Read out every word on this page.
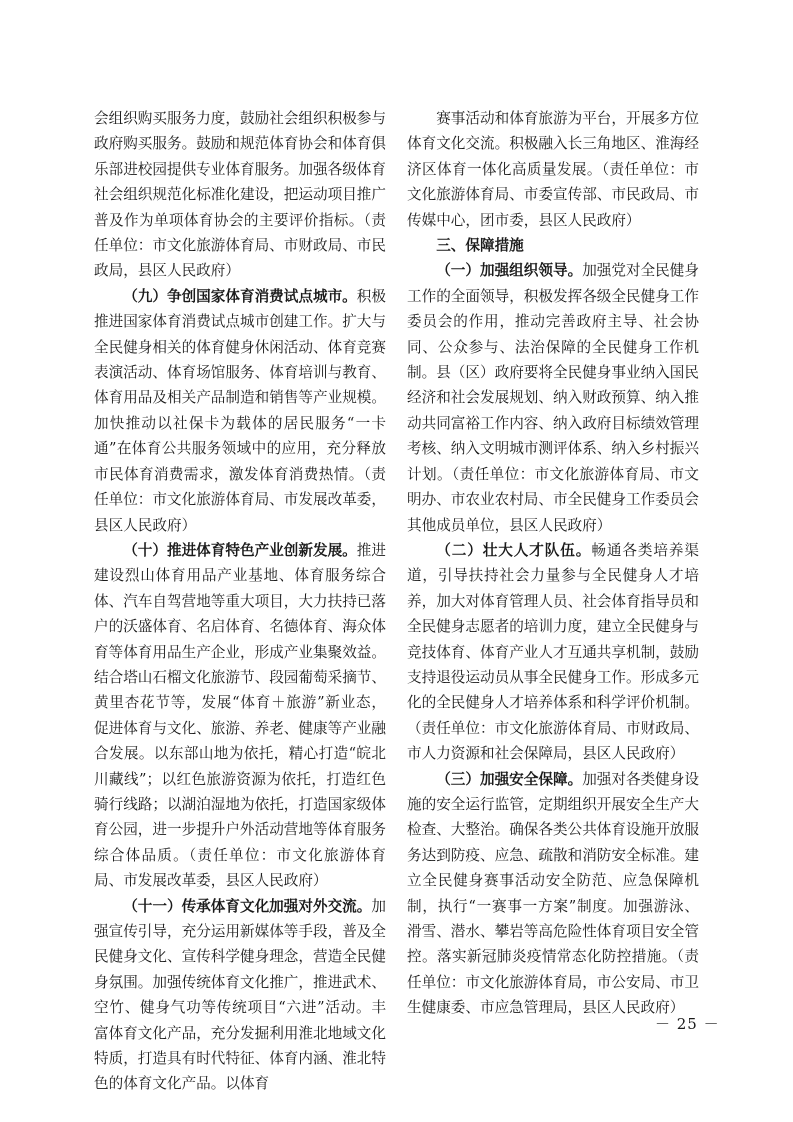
会组织购买服务力度，鼓励社会组织积极参与政府购买服务。鼓励和规范体育协会和体育俱乐部进校园提供专业体育服务。加强各级体育社会组织规范化标准化建设，把运动项目推广普及作为单项体育协会的主要评价指标。（责任单位：市文化旅游体育局、市财政局、市民政局，县区人民政府）

（九）争创国家体育消费试点城市。积极推进国家体育消费试点城市创建工作。扩大与全民健身相关的体育健身休闲活动、体育竞赛表演活动、体育场馆服务、体育培训与教育、体育用品及相关产品制造和销售等产业规模。加快推动以社保卡为载体的居民服务“一卡通”在体育公共服务领域中的应用，充分释放市民体育消费需求，激发体育消费热情。（责任单位：市文化旅游体育局、市发展改革委，县区人民政府）

（十）推进体育特色产业创新发展。推进建设烈山体育用品产业基地、体育服务综合体、汽车自驾营地等重大项目，大力扶持已落户的沃盛体育、名启体育、名德体育、海众体育等体育用品生产企业，形成产业集聚效益。结合塔山石榴文化旅游节、段园葡萄采摘节、黄里杏花节等，发展“体育＋旅游”新业态，促进体育与文化、旅游、养老、健康等产业融合发展。以东部山地为依托，精心打造“皖北川藏线”；以红色旅游资源为依托，打造红色骑行线路；以湖泊湿地为依托，打造国家级体育公园，进一步提升户外活动营地等体育服务综合体品质。（责任单位：市文化旅游体育局、市发展改革委，县区人民政府）

（十一）传承体育文化加强对外交流。加强宣传引导，充分运用新媒体等手段，普及全民健身文化、宣传科学健身理念，营造全民健身氛围。加强传统体育文化推广，推进武术、空竹、健身气功等传统项目“六进”活动。丰富体育文化产品，充分发掘利用淮北地域文化特质，打造具有时代特征、体育内涵、淮北特色的体育文化产品。以体育

赛事活动和体育旅游为平台，开展多方位体育文化交流。积极融入长三角地区、淮海经济区体育一体化高质量发展。（责任单位：市文化旅游体育局、市委宣传部、市民政局、市传媒中心，团市委，县区人民政府）

三、保障措施

（一）加强组织领导。加强党对全民健身工作的全面领导，积极发挥各级全民健身工作委员会的作用，推动完善政府主导、社会协同、公众参与、法治保障的全民健身工作机制。县（区）政府要将全民健身事业纳入国民经济和社会发展规划、纳入财政预算、纳入推动共同富裕工作内容、纳入政府目标绩效管理考核、纳入文明城市测评体系、纳入乡村振兴计划。（责任单位：市文化旅游体育局、市文明办、市农业农村局、市全民健身工作委员会其他成员单位，县区人民政府）

（二）壮大人才队伍。畅通各类培养渠道，引导扶持社会力量参与全民健身人才培养，加大对体育管理人员、社会体育指导员和全民健身志愿者的培训力度，建立全民健身与竞技体育、体育产业人才互通共享机制，鼓励支持退役运动员从事全民健身工作。形成多元化的全民健身人才培养体系和科学评价机制。（责任单位：市文化旅游体育局、市财政局、市人力资源和社会保障局，县区人民政府）

（三）加强安全保障。加强对各类健身设施的安全运行监管，定期组织开展安全生产大检查、大整治。确保各类公共体育设施开放服务达到防疫、应急、疏散和消防安全标准。建立全民健身赛事活动安全防范、应急保障机制，执行“一赛事一方案”制度。加强游泳、滑雪、潜水、攀岩等高危险性体育项目安全管控。落实新冠肺炎疫情常态化防控措施。（责任单位：市文化旅游体育局，市公安局、市卫生健康委、市应急管理局，县区人民政府）

－ 25 －
